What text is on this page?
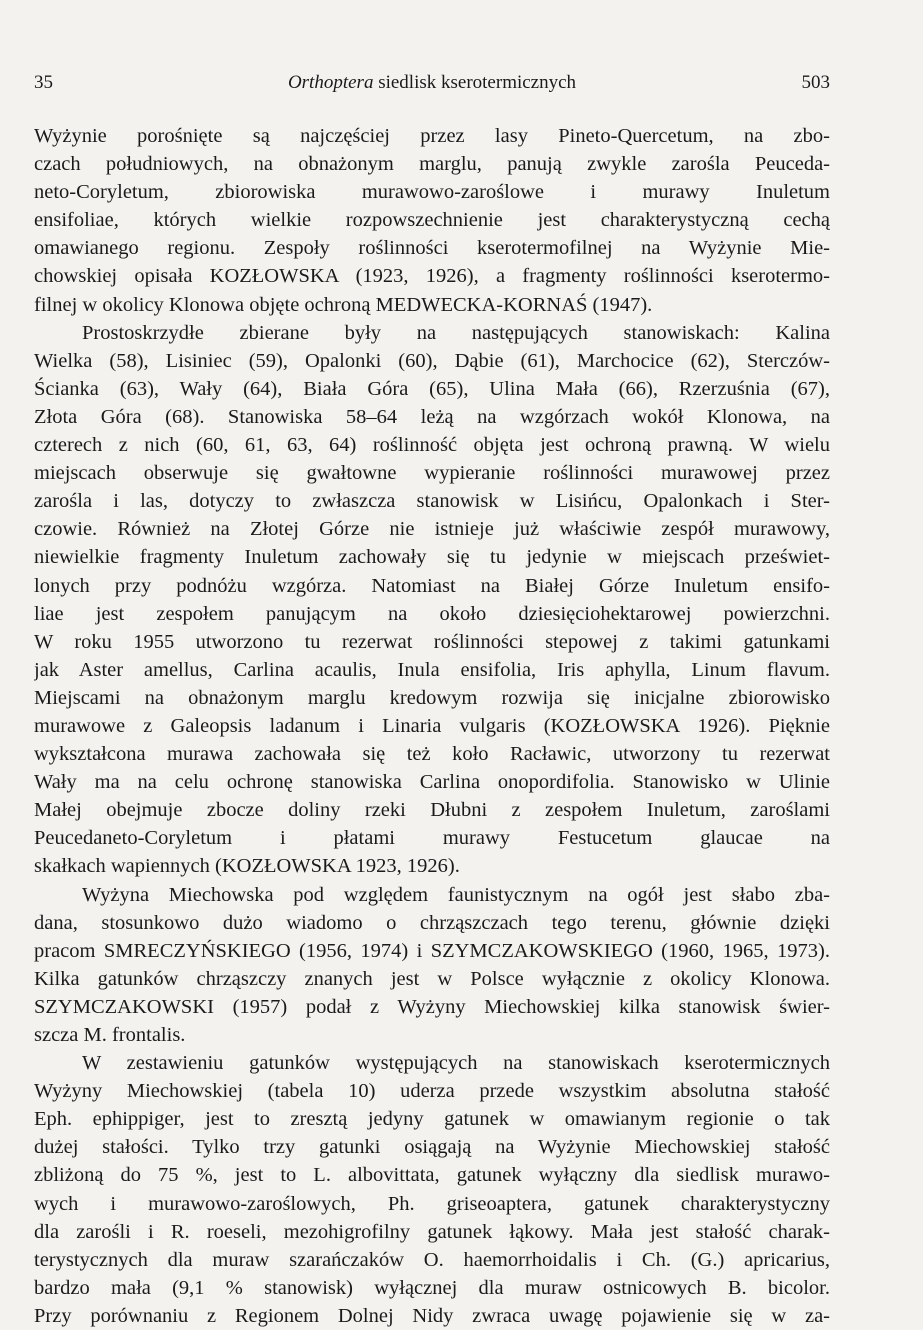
35	Orthoptera siedlisk kserotermicznych	503
Wyżynie porośnięte są najczęściej przez lasy Pineto-Quercetum, na zbo-
czach południowych, na obnażonym marglu, panują zwykle zarośla Peuceda-
neto-Coryletum, zbiorowiska murawowo-zaroślowe i murawy Inuletum
ensifoliae, których wielkie rozpowszechnienie jest charakterystyczną cechą
omawianego regionu. Zespoły roślinności kserotermofilnej na Wyżynie Mie-
chowskiej opisała KOZŁOWSKA (1923, 1926), a fragmenty roślinności kserotermo-
filnej w okolicy Klonowa objęte ochroną MEDWECKA-KORNAŚ (1947).
Prostoskrzydłe zbierane były na następujących stanowiskach: Kalina
Wielka (58), Lisiniec (59), Opalonki (60), Dąbie (61), Marchocice (62), Sterczów-
Ścianka (63), Wały (64), Biała Góra (65), Ulina Mała (66), Rzerzuśnia (67),
Złota Góra (68). Stanowiska 58–64 leżą na wzgórzach wokół Klonowa, na
czterech z nich (60, 61, 63, 64) roślinność objęta jest ochroną prawną. W wielu
miejscach obserwuje się gwałtowne wypieranie roślinności murawowej przez
zarośla i las, dotyczy to zwłaszcza stanowisk w Lisińcu, Opalonkach i Ster-
czowie. Również na Złotej Górze nie istnieje już właściwie zespół murawowy,
niewielkie fragmenty Inuletum zachowały się tu jedynie w miejscach przeświet-
lonych przy podnóżu wzgórza. Natomiast na Białej Górze Inuletum ensifo-
liae jest zespołem panującym na około dziesięciohektarowej powierzchni.
W roku 1955 utworzono tu rezerwat roślinności stepowej z takimi gatunkami
jak Aster amellus, Carlina acaulis, Inula ensifolia, Iris aphylla, Linum flavum.
Miejscami na obnażonym marglu kredowym rozwija się inicjalne zbiorowisko
murawowe z Galeopsis ladanum i Linaria vulgaris (KOZŁOWSKA 1926). Pięknie
wykształcona murawa zachowała się też koło Racławic, utworzony tu rezerwat
Wały ma na celu ochronę stanowiska Carlina onopordifolia. Stanowisko w Ulinie
Małej obejmuje zbocze doliny rzeki Dłubni z zespołem Inuletum, zaroślami
Peucedaneto-Coryletum i płatami murawy Festucetum glaucae na
skałkach wapiennych (KOZŁOWSKA 1923, 1926).
Wyżyna Miechowska pod względem faunistycznym na ogół jest słabo zba-
dana, stosunkowo dużo wiadomo o chrząszczach tego terenu, głównie dzięki
pracom SMRECZYŃSKIEGO (1956, 1974) i SZYMCZAKOWSKIEGO (1960, 1965, 1973).
Kilka gatunków chrząszczy znanych jest w Polsce wyłącznie z okolicy Klonowa.
SZYMCZAKOWSKI (1957) podał z Wyżyny Miechowskiej kilka stanowisk świer-
szcza M. frontalis.
W zestawieniu gatunków występujących na stanowiskach kserotermicznych
Wyżyny Miechowskiej (tabela 10) uderza przede wszystkim absolutna stałość
Eph. ephippiger, jest to zresztą jedyny gatunek w omawianym regionie o tak
dużej stałości. Tylko trzy gatunki osiągają na Wyżynie Miechowskiej stałość
zbliżoną do 75 %, jest to L. albovittata, gatunek wyłączny dla siedlisk murawo-
wych i murawowo-zaroślowych, Ph. griseoaptera, gatunek charakterystyczny
dla zarośli i R. roeseli, mezohigrofilny gatunek łąkowy. Mała jest stałość charak-
terystycznych dla muraw szarańczaków O. haemorrhoidalis i Ch. (G.) apricarius,
bardzo mała (9,1 % stanowisk) wyłącznej dla muraw ostnicowych B. bicolor.
Przy porównaniu z Regionem Dolnej Nidy zwraca uwagę pojawienie się w za-
